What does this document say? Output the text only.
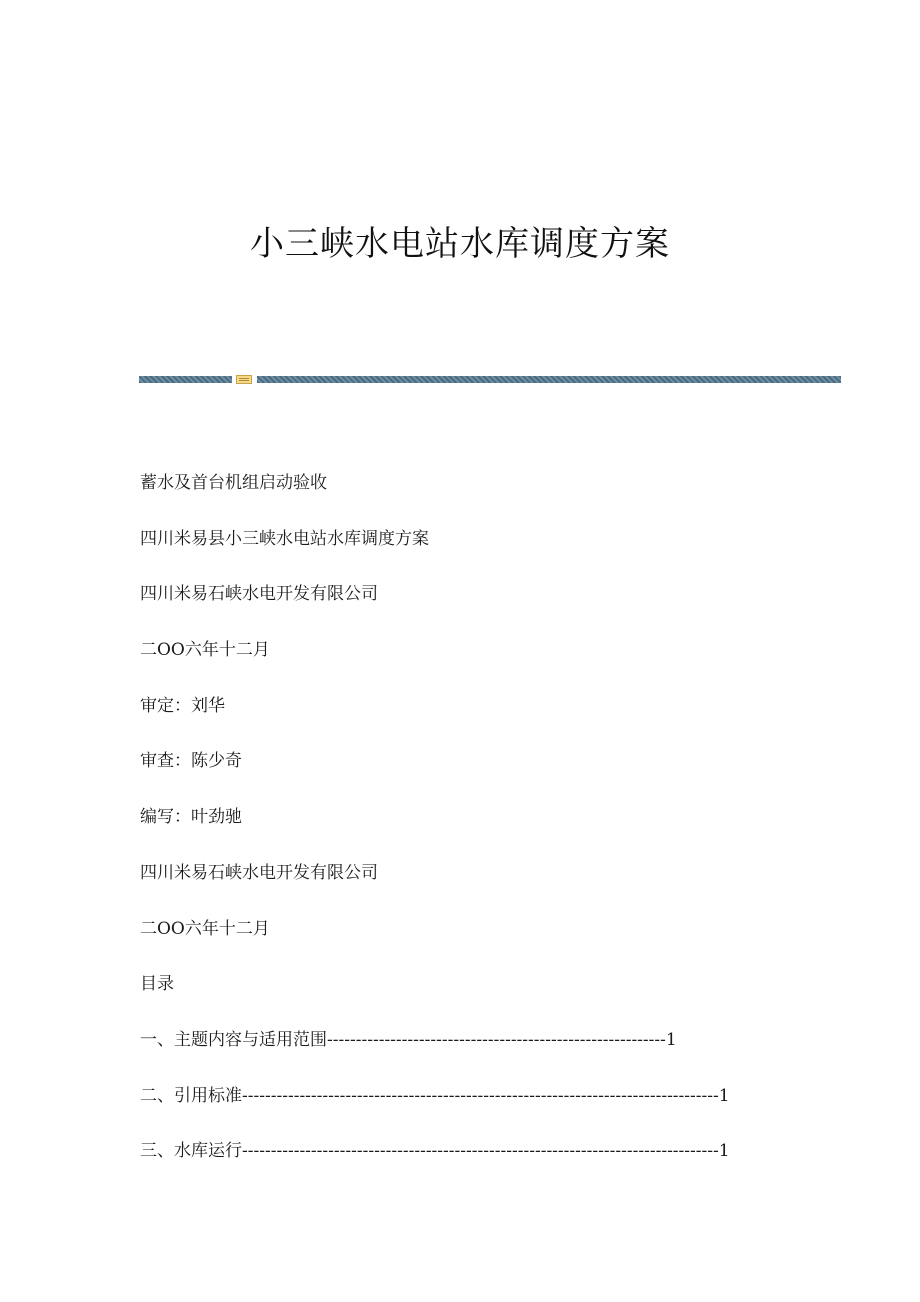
小三峡水电站水库调度方案
蓄水及首台机组启动验收
四川米易县小三峡水电站水库调度方案
四川米易石峡水电开发有限公司
二OO六年十二月
审定：刘华
审查：陈少奇
编写：叶劲驰
四川米易石峡水电开发有限公司
二OO六年十二月
目录
一、主题内容与适用范围 ----------------------------------------------------------- 1
二、引用标准 ----------------------------------------------------------------------------------- 1
三、水库运行 ----------------------------------------------------------------------------------- 1
